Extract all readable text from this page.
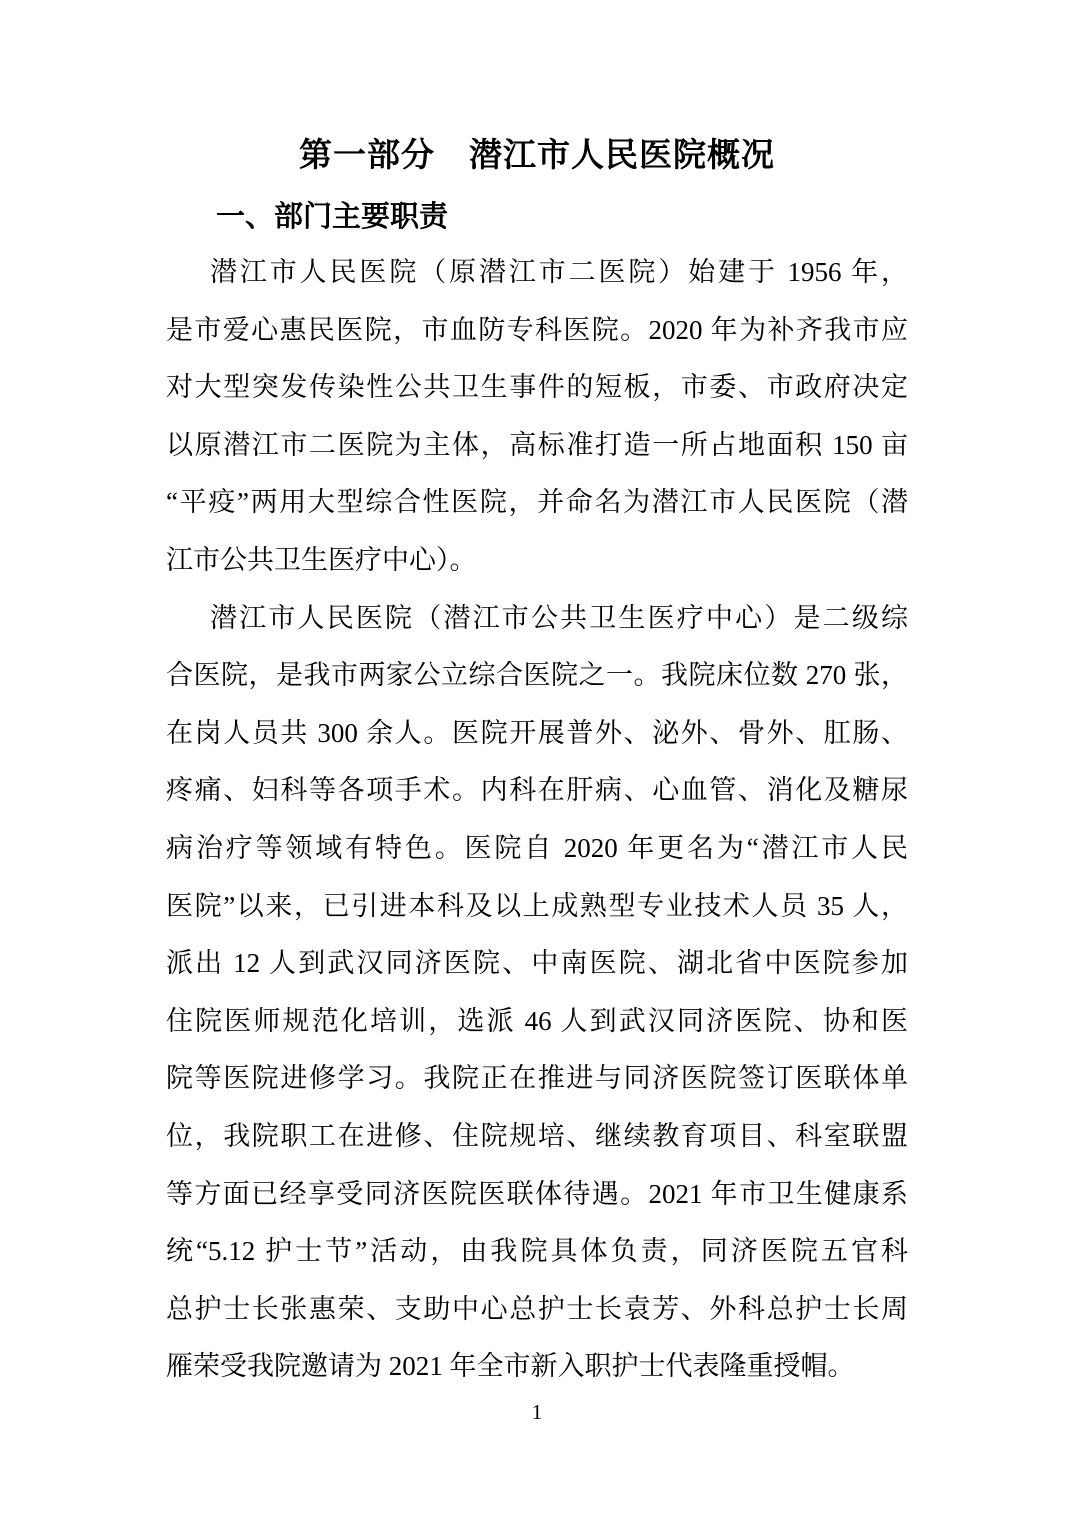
第一部分　潜江市人民医院概况
一、部门主要职责
潜江市人民医院（原潜江市二医院）始建于 1956 年，
是市爱心惠民医院，市血防专科医院。2020 年为补齐我市应
对大型突发传染性公共卫生事件的短板，市委、市政府决定
以原潜江市二医院为主体，高标准打造一所占地面积 150 亩
“平疫”两用大型综合性医院，并命名为潜江市人民医院（潜
江市公共卫生医疗中心）。
潜江市人民医院（潜江市公共卫生医疗中心）是二级综
合医院，是我市两家公立综合医院之一。我院床位数 270 张，
在岗人员共 300 余人。医院开展普外、泌外、骨外、肛肠、
疼痛、妇科等各项手术。内科在肝病、心血管、消化及糖尿
病治疗等领域有特色。医院自 2020 年更名为“潜江市人民
医院”以来，已引进本科及以上成熟型专业技术人员 35 人，
派出 12 人到武汉同济医院、中南医院、湖北省中医院参加
住院医师规范化培训，选派 46 人到武汉同济医院、协和医
院等医院进修学习。我院正在推进与同济医院签订医联体单
位，我院职工在进修、住院规培、继续教育项目、科室联盟
等方面已经享受同济医院医联体待遇。2021 年市卫生健康系
统“5.12 护士节”活动，由我院具体负责，同济医院五官科
总护士长张惠荣、支助中心总护士长袁芳、外科总护士长周
雁荣受我院邀请为 2021 年全市新入职护士代表隆重授帽。
1
